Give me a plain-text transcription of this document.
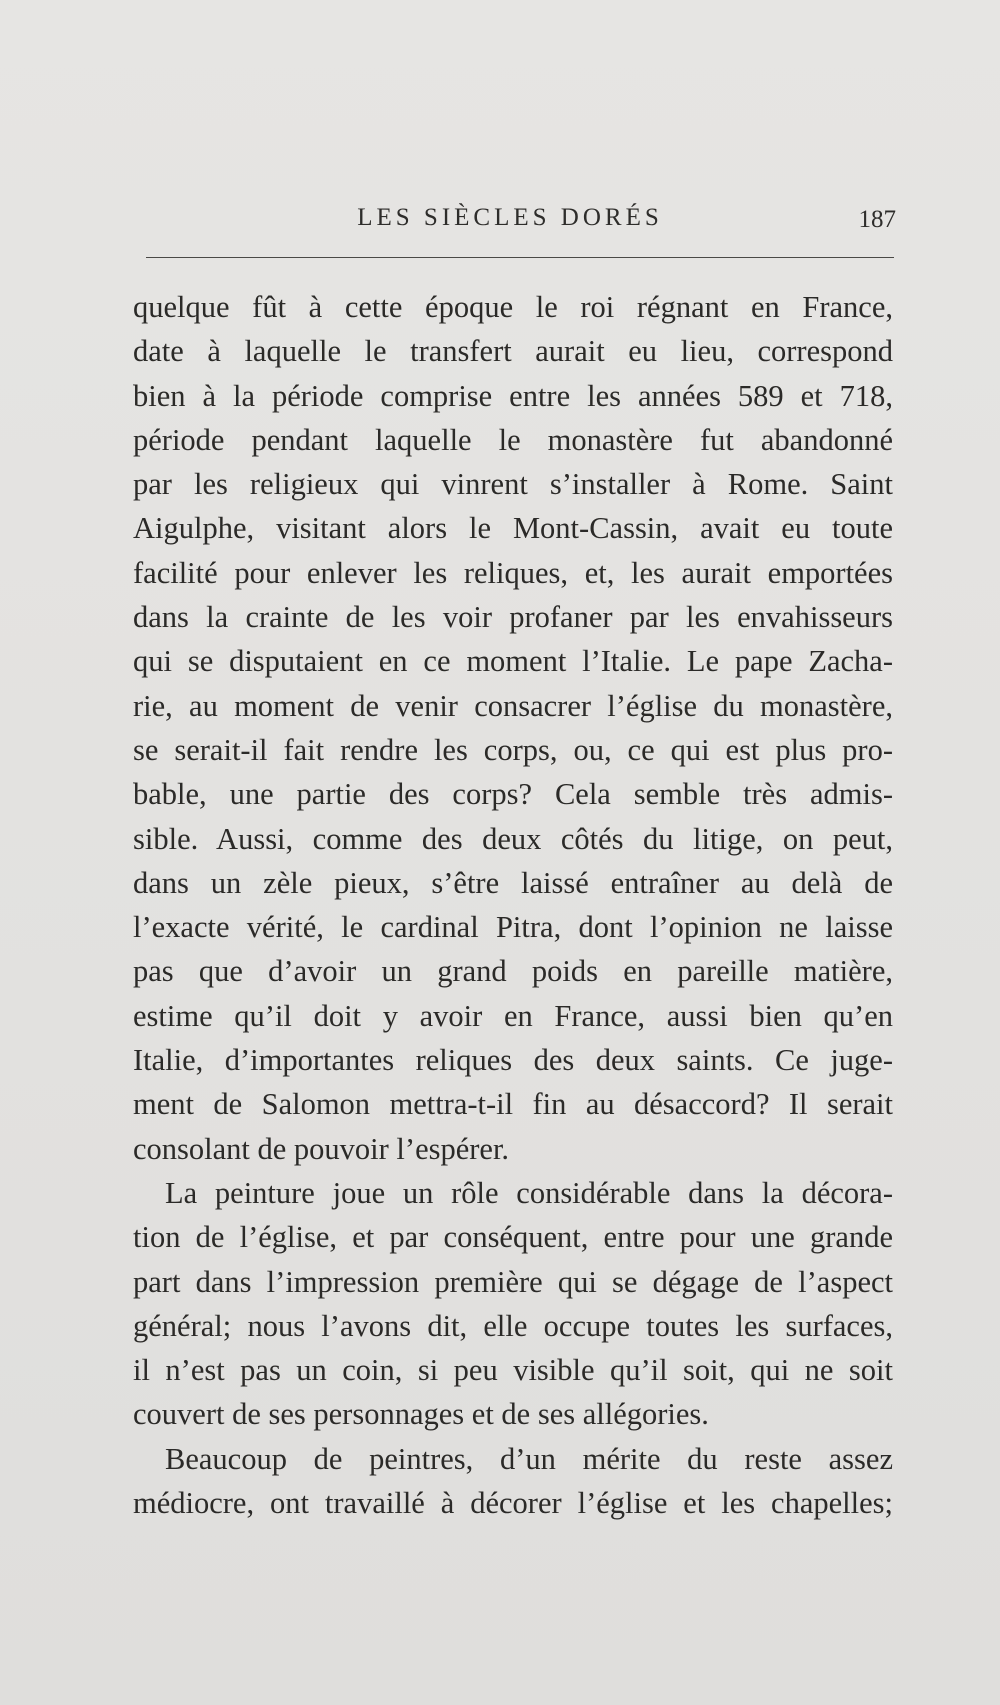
LES SIÈCLES DORÉS	187
quelque fût à cette époque le roi régnant en France,
date à laquelle le transfert aurait eu lieu, correspond
bien à la période comprise entre les années 589 et 718,
période pendant laquelle le monastère fut abandonné
par les religieux qui vinrent s’installer à Rome. Saint
Aigulphe, visitant alors le Mont-Cassin, avait eu toute
facilité pour enlever les reliques, et, les aurait emportées
dans la crainte de les voir profaner par les envahisseurs
qui se disputaient en ce moment l’Italie. Le pape Zacha-
rie, au moment de venir consacrer l’église du monastère,
se serait-il fait rendre les corps, ou, ce qui est plus pro-
bable, une partie des corps? Cela semble très admis-
sible. Aussi, comme des deux côtés du litige, on peut,
dans un zèle pieux, s’être laissé entraîner au delà de
l’exacte vérité, le cardinal Pitra, dont l’opinion ne laisse
pas que d’avoir un grand poids en pareille matière,
estime qu’il doit y avoir en France, aussi bien qu’en
Italie, d’importantes reliques des deux saints. Ce juge-
ment de Salomon mettra-t-il fin au désaccord? Il serait
consolant de pouvoir l’espérer.
La peinture joue un rôle considérable dans la décora-
tion de l’église, et par conséquent, entre pour une grande
part dans l’impression première qui se dégage de l’aspect
général; nous l’avons dit, elle occupe toutes les surfaces,
il n’est pas un coin, si peu visible qu’il soit, qui ne soit
couvert de ses personnages et de ses allégories.
Beaucoup de peintres, d’un mérite du reste assez
médiocre, ont travaillé à décorer l’église et les chapelles;
